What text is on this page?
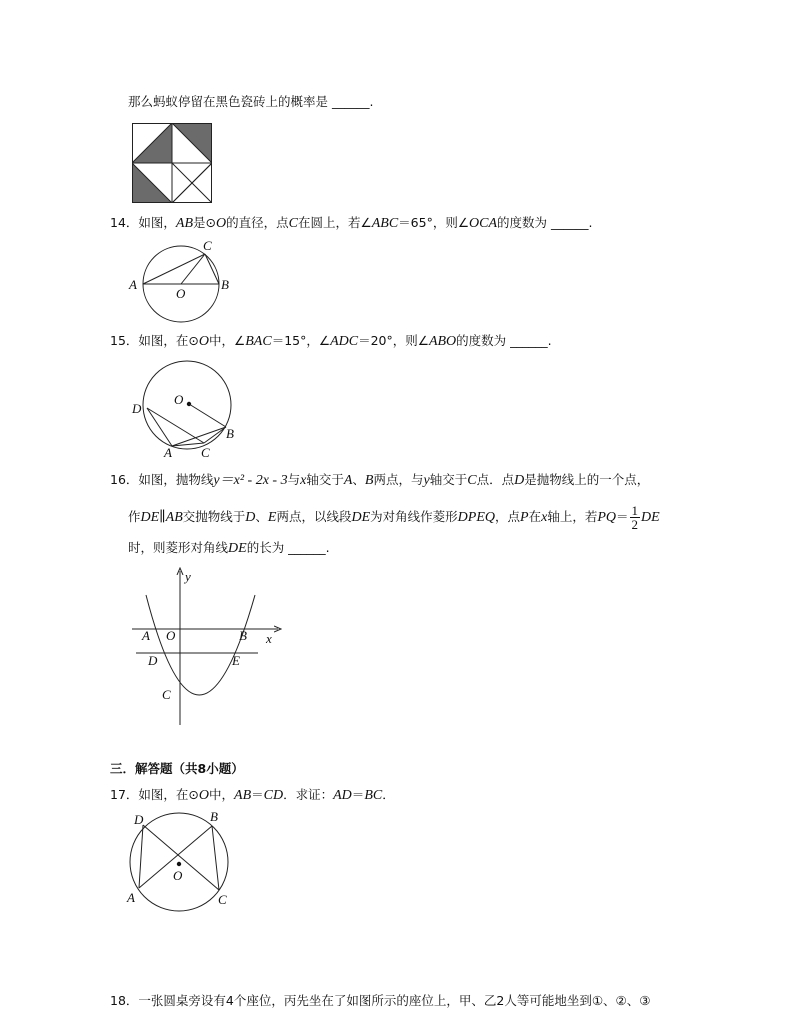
那么蚂蚁停留在黑色瓷砖上的概率是 ______.
14．如图，AB是⊙O的直径，点C在圆上，若∠ABC＝65°，则∠OCA的度数为 ______.
A	B
C
O
15．如图，在⊙O中，∠BAC＝15°，∠ADC＝20°，则∠ABO的度数为 ______.
O
D
A
B
C
16．如图，抛物线y＝x² - 2x - 3与x轴交于A、B两点，与y轴交于C点．点D是抛物线上的一个点，
作DE∥AB交抛物线于D、E两点，以线段DE为对角线作菱形DPEQ，点P在x轴上，若$PQ= \frac{1}{2}$ DE
时，则菱形对角线DE的长为 ______.
y
x
A O	B
D	E
C
三．解答题（共8小题）
17．如图，在⊙O中，AB＝CD．求证：AD＝BC．
D	B
O
A	C
18．一张圆桌旁设有4个座位，丙先坐在了如图所示的座位上，甲、乙2人等可能地坐到①、②、③
